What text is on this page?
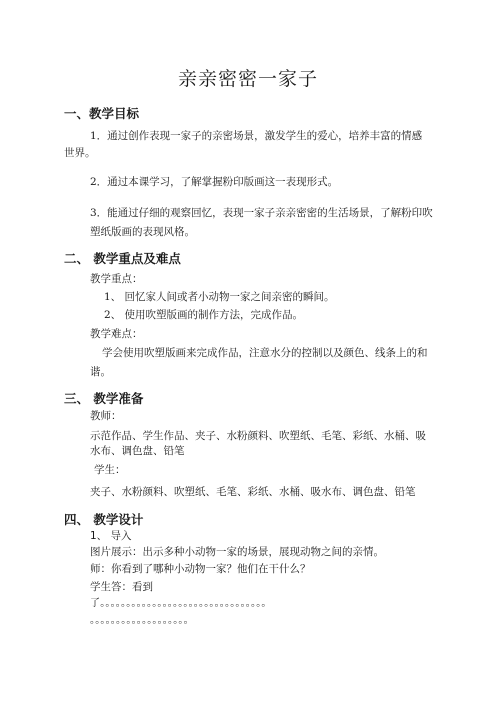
亲亲密密一家子
一、教学目标
1．通过创作表现一家子的亲密场景，激发学生的爱心，培养丰富的情感世界。
2．通过本课学习，了解掌握粉印版画这一表现形式。
3．能通过仔细的观察回忆，表现一家子亲亲密密的生活场景，了解粉印吹塑纸版画的表现风格。
二、 教学重点及难点
教学重点：
1、 回忆家人间或者小动物一家之间亲密的瞬间。
2、 使用吹塑版画的制作方法，完成作品。
教学难点：
学会使用吹塑版画来完成作品，注意水分的控制以及颜色、线条上的和谐。
三、 教学准备
教师：
示范作品、学生作品、夹子、水粉颜料、吹塑纸、毛笔、彩纸、水桶、吸水布、调色盘、铅笔
学生：
夹子、水粉颜料、吹塑纸、毛笔、彩纸、水桶、吸水布、调色盘、铅笔
四、 教学设计
1、 导入
图片展示：出示多种小动物一家的场景，展现动物之间的亲情。
师：你看到了哪种小动物一家？他们在干什么？
学生答：看到
了。。。。。。。。。。。。。。。。。。。。。。。。。。。。。。。。
。。。。。。。。。。。。。。。。。。。
